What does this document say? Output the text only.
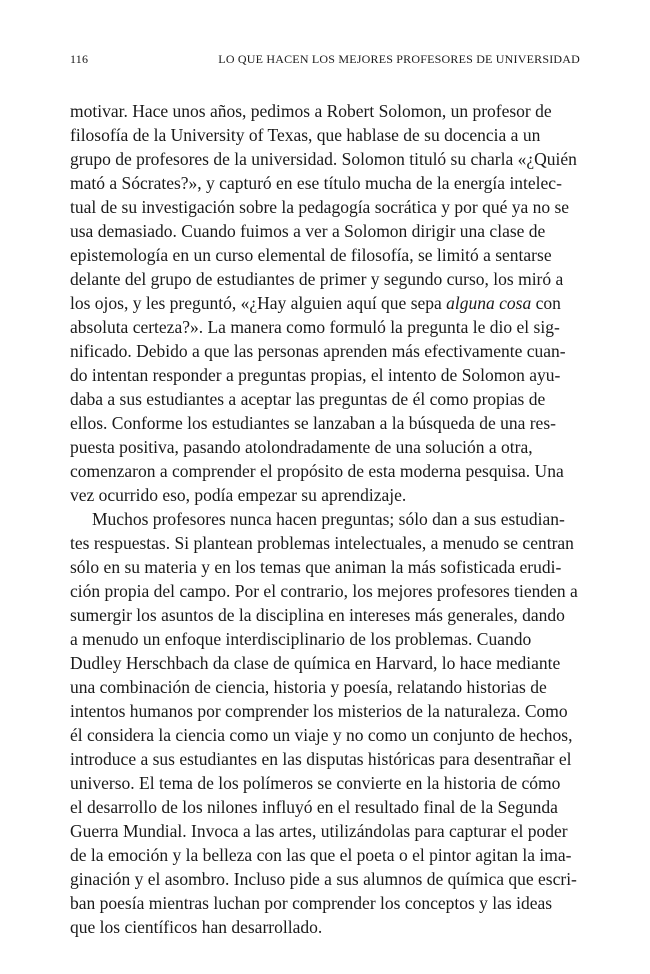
116	LO QUE HACEN LOS MEJORES PROFESORES DE UNIVERSIDAD
motivar. Hace unos años, pedimos a Robert Solomon, un profesor de
filosofía de la University of Texas, que hablase de su docencia a un
grupo de profesores de la universidad. Solomon tituló su charla «¿Quién
mató a Sócrates?», y capturó en ese título mucha de la energía intelec-
tual de su investigación sobre la pedagogía socrática y por qué ya no se
usa demasiado. Cuando fuimos a ver a Solomon dirigir una clase de
epistemología en un curso elemental de filosofía, se limitó a sentarse
delante del grupo de estudiantes de primer y segundo curso, los miró a
los ojos, y les preguntó, «¿Hay alguien aquí que sepa alguna cosa con
absoluta certeza?». La manera como formuló la pregunta le dio el sig-
nificado. Debido a que las personas aprenden más efectivamente cuan-
do intentan responder a preguntas propias, el intento de Solomon ayu-
daba a sus estudiantes a aceptar las preguntas de él como propias de
ellos. Conforme los estudiantes se lanzaban a la búsqueda de una res-
puesta positiva, pasando atolondradamente de una solución a otra,
comenzaron a comprender el propósito de esta moderna pesquisa. Una
vez ocurrido eso, podía empezar su aprendizaje.
Muchos profesores nunca hacen preguntas; sólo dan a sus estudian-
tes respuestas. Si plantean problemas intelectuales, a menudo se centran
sólo en su materia y en los temas que animan la más sofisticada erudi-
ción propia del campo. Por el contrario, los mejores profesores tienden a
sumergir los asuntos de la disciplina en intereses más generales, dando
a menudo un enfoque interdisciplinario de los problemas. Cuando
Dudley Herschbach da clase de química en Harvard, lo hace mediante
una combinación de ciencia, historia y poesía, relatando historias de
intentos humanos por comprender los misterios de la naturaleza. Como
él considera la ciencia como un viaje y no como un conjunto de hechos,
introduce a sus estudiantes en las disputas históricas para desentrañar el
universo. El tema de los polímeros se convierte en la historia de cómo
el desarrollo de los nilones influyó en el resultado final de la Segunda
Guerra Mundial. Invoca a las artes, utilizándolas para capturar el poder
de la emoción y la belleza con las que el poeta o el pintor agitan la ima-
ginación y el asombro. Incluso pide a sus alumnos de química que escri-
ban poesía mientras luchan por comprender los conceptos y las ideas
que los científicos han desarrollado.
